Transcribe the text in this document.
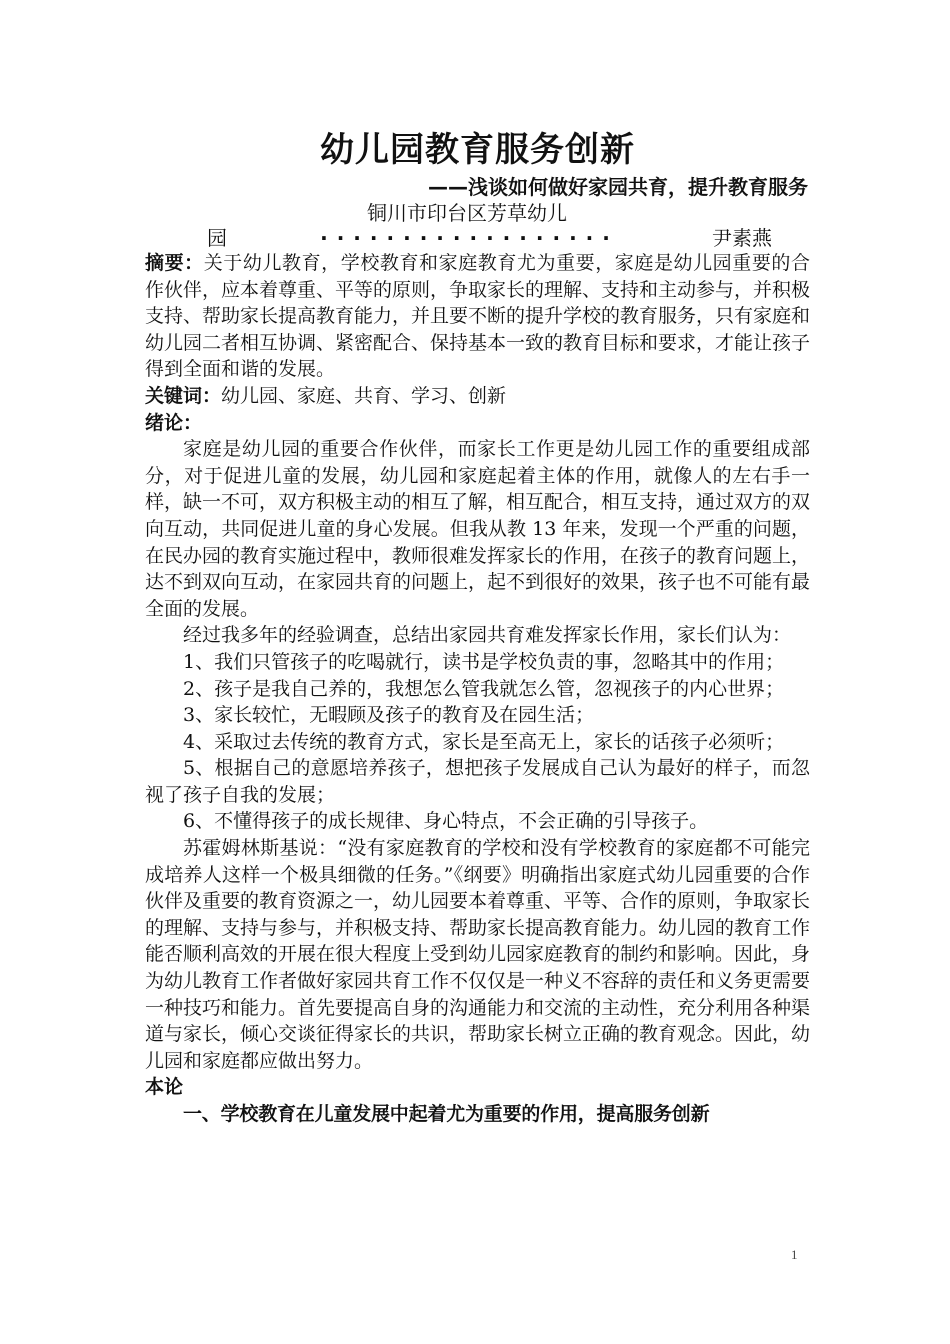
幼儿园教育服务创新
——浅谈如何做好家园共育，提升教育服务
铜川市印台区芳草幼儿
园	··················	尹素燕

摘要：关于幼儿教育，学校教育和家庭教育尤为重要，家庭是幼儿园重要的合作伙伴，应本着尊重、平等的原则，争取家长的理解、支持和主动参与，并积极支持、帮助家长提高教育能力，并且要不断的提升学校的教育服务，只有家庭和幼儿园二者相互协调、紧密配合、保持基本一致的教育目标和要求，才能让孩子得到全面和谐的发展。

关键词：幼儿园、家庭、共育、学习、创新

绪论：

家庭是幼儿园的重要合作伙伴，而家长工作更是幼儿园工作的重要组成部分，对于促进儿童的发展，幼儿园和家庭起着主体的作用，就像人的左右手一样，缺一不可，双方积极主动的相互了解，相互配合，相互支持，通过双方的双向互动，共同促进儿童的身心发展。但我从教 13 年来，发现一个严重的问题，在民办园的教育实施过程中，教师很难发挥家长的作用，在孩子的教育问题上，达不到双向互动，在家园共育的问题上，起不到很好的效果，孩子也不可能有最全面的发展。

经过我多年的经验调查，总结出家园共育难发挥家长作用，家长们认为：

1、我们只管孩子的吃喝就行，读书是学校负责的事，忽略其中的作用；

2、孩子是我自己养的，我想怎么管我就怎么管，忽视孩子的内心世界；

3、家长较忙，无暇顾及孩子的教育及在园生活；

4、采取过去传统的教育方式，家长是至高无上，家长的话孩子必须听；

5、根据自己的意愿培养孩子，想把孩子发展成自己认为最好的样子，而忽视了孩子自我的发展；

6、不懂得孩子的成长规律、身心特点，不会正确的引导孩子。

苏霍姆林斯基说：“没有家庭教育的学校和没有学校教育的家庭都不可能完成培养人这样一个极具细微的任务。”《纲要》明确指出家庭式幼儿园重要的合作伙伴及重要的教育资源之一，幼儿园要本着尊重、平等、合作的原则，争取家长的理解、支持与参与，并积极支持、帮助家长提高教育能力。幼儿园的教育工作能否顺利高效的开展在很大程度上受到幼儿园家庭教育的制约和影响。因此，身为幼儿教育工作者做好家园共育工作不仅仅是一种义不容辞的责任和义务更需要一种技巧和能力。首先要提高自身的沟通能力和交流的主动性，充分利用各种渠道与家长，倾心交谈征得家长的共识，帮助家长树立正确的教育观念。因此，幼儿园和家庭都应做出努力。

本论

一、学校教育在儿童发展中起着尤为重要的作用，提高服务创新

1
